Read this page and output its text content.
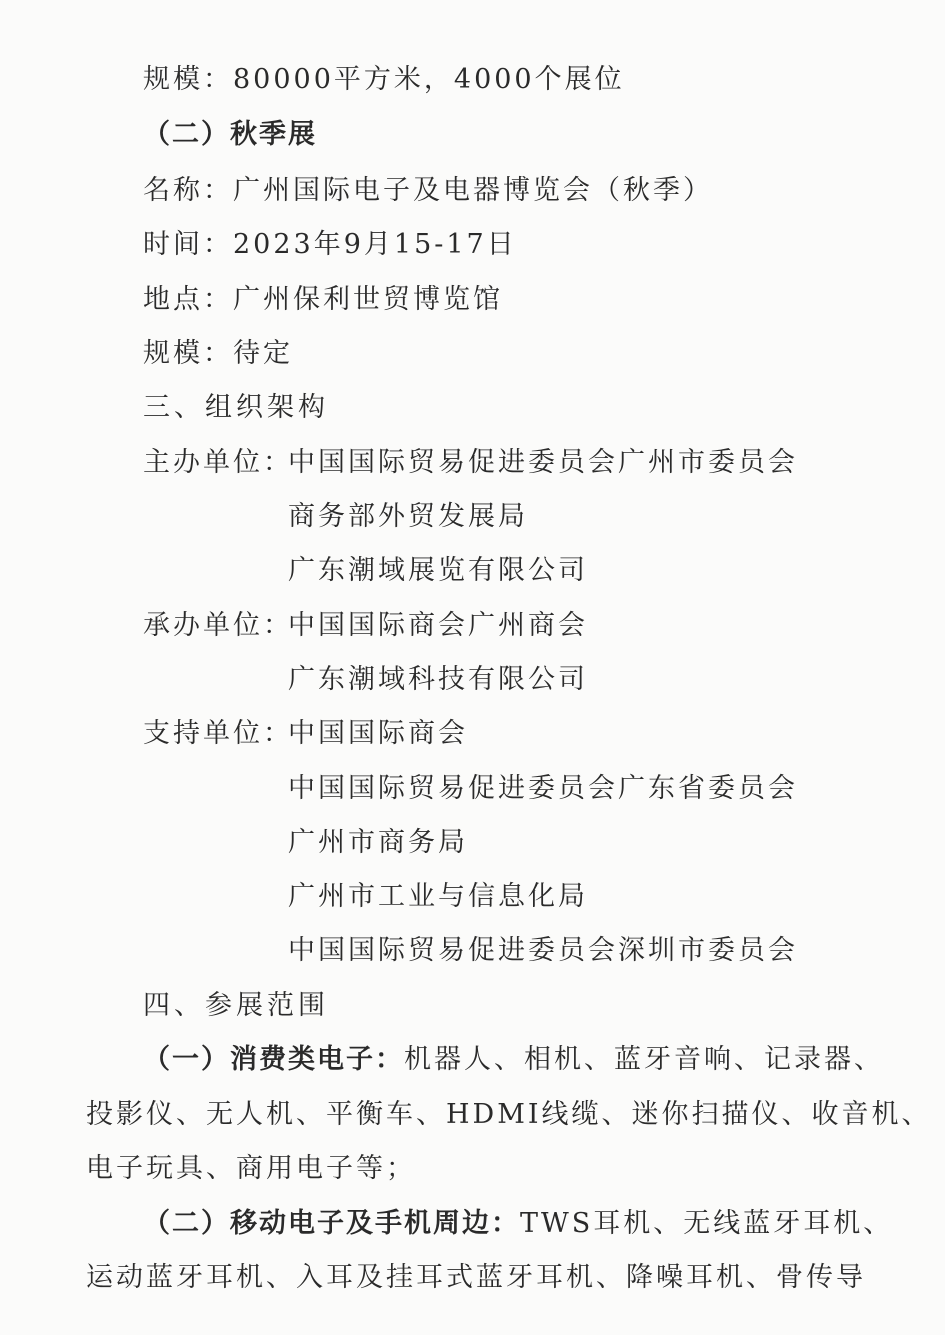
规模：80000平方米，4000个展位
（二）秋季展
名称：广州国际电子及电器博览会（秋季）
时间：2023年9月15-17日
地点：广州保利世贸博览馆
规模：待定
三、组织架构
主办单位：
中国国际贸易促进委员会广州市委员会
商务部外贸发展局
广东潮域展览有限公司
承办单位：
中国国际商会广州商会
广东潮域科技有限公司
支持单位：
中国国际商会
中国国际贸易促进委员会广东省委员会
广州市商务局
广州市工业与信息化局
中国国际贸易促进委员会深圳市委员会
四、参展范围
（一）消费类电子：机器人、相机、蓝牙音响、记录器、
投影仪、无人机、平衡车、HDMI线缆、迷你扫描仪、收音机、
电子玩具、商用电子等；
（二）移动电子及手机周边：TWS耳机、无线蓝牙耳机、
运动蓝牙耳机、入耳及挂耳式蓝牙耳机、降噪耳机、骨传导
